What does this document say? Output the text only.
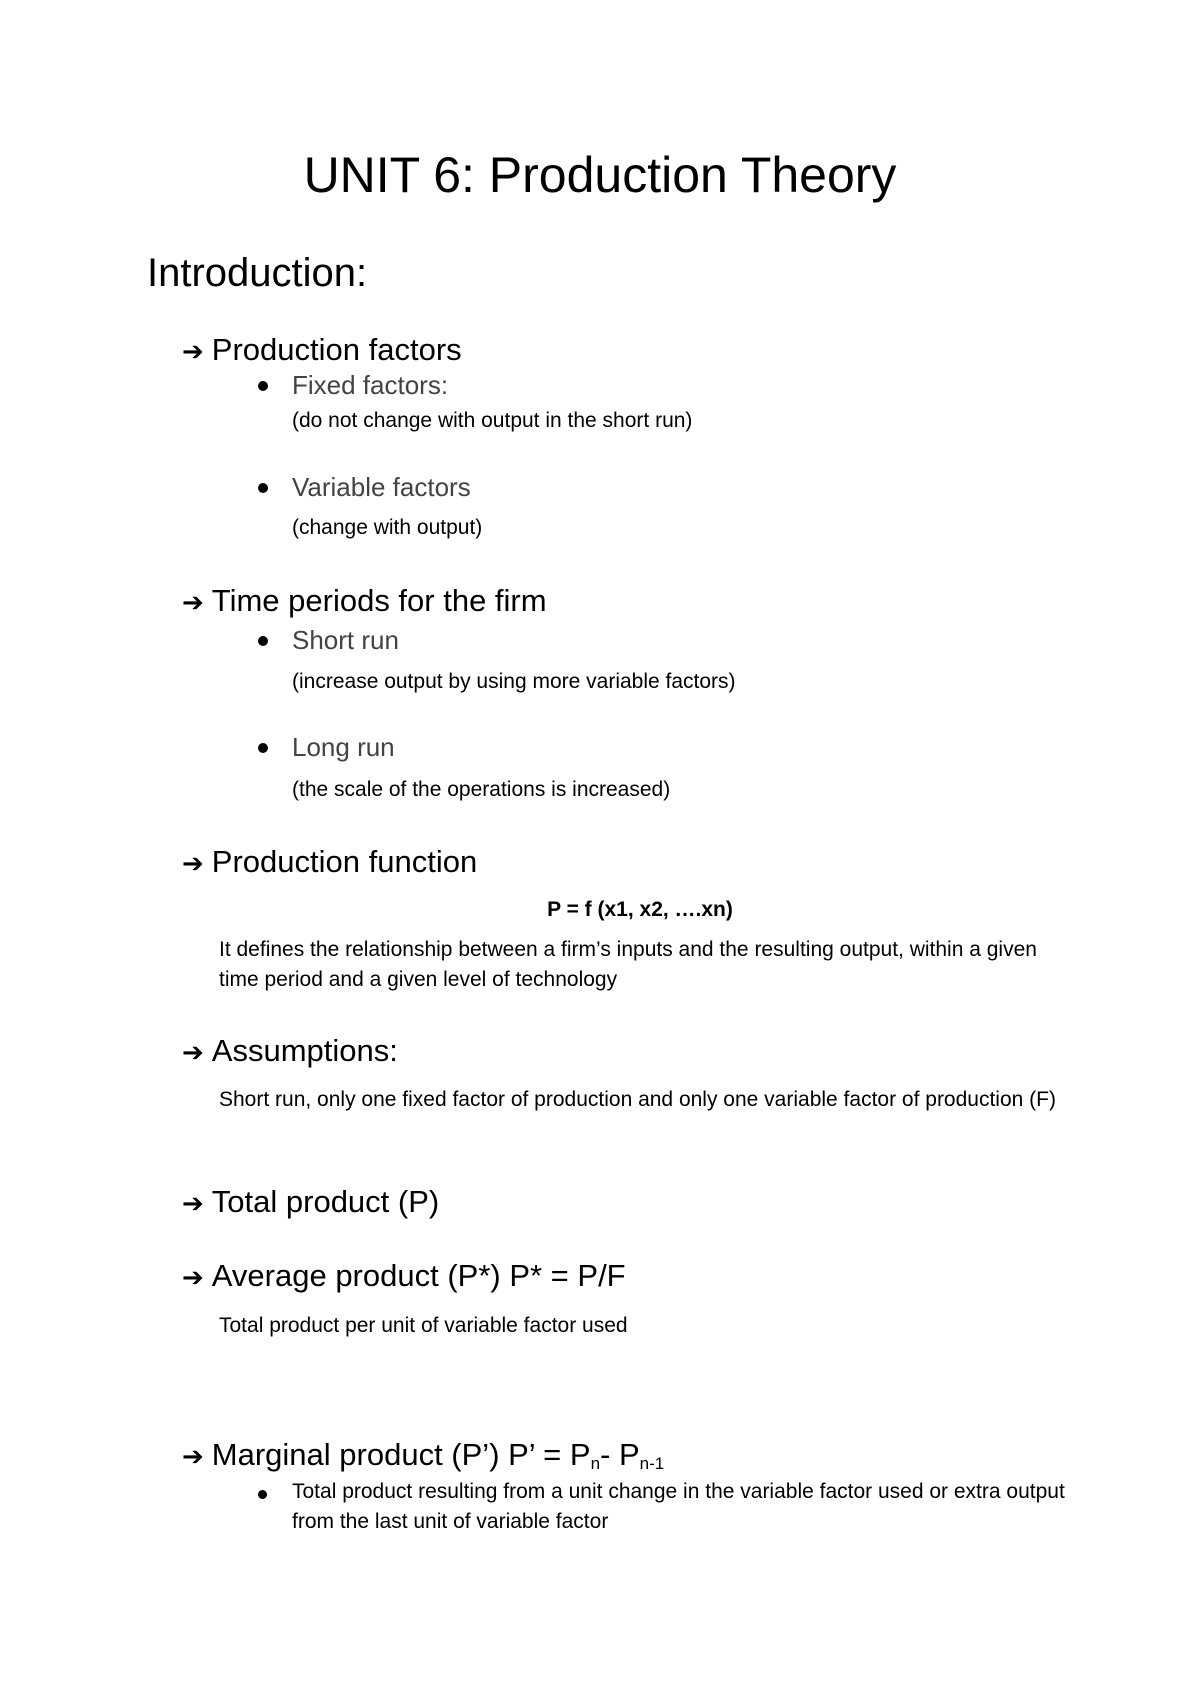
UNIT 6: Production Theory
Introduction:
➔ Production factors
Fixed factors:
(do not change with output in the short run)
Variable factors
(change with output)
➔ Time periods for the firm
Short run
(increase output by using more variable factors)
Long run
(the scale of the operations is increased)
➔ Production function
P = f (x1, x2, ….xn)
It defines the relationship between a firm’s inputs and the resulting output, within a given time period and a given level of technology
➔ Assumptions:
Short run, only one fixed factor of production and only one variable factor of production (F)
➔ Total product (P)
➔ Average product (P*) P* = P/F
Total product per unit of variable factor used
➔ Marginal product (P’) P’ = Pn- Pn-1
Total product resulting from a unit change in the variable factor used or extra output from the last unit of variable factor
